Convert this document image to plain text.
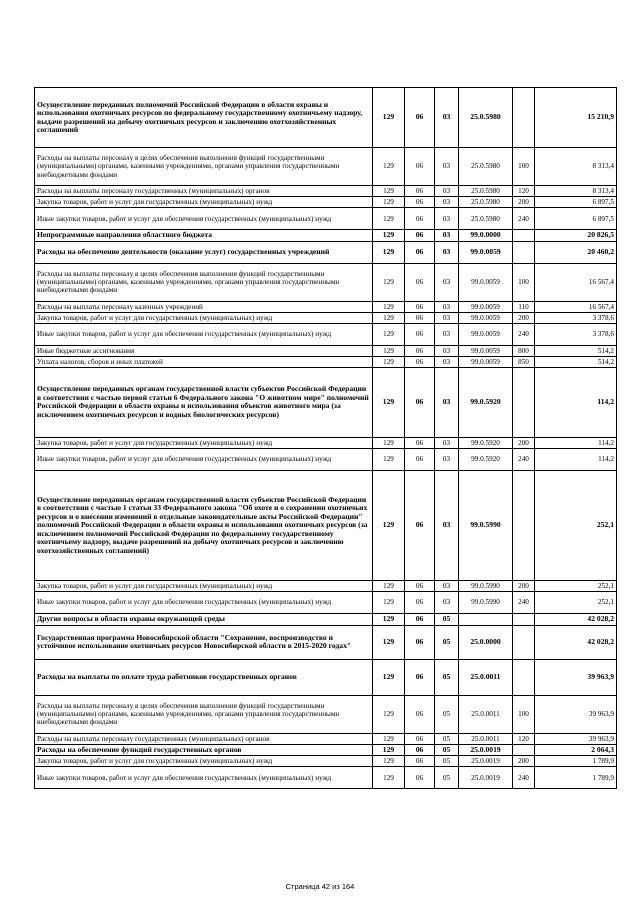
Осуществление переданных полномочий Российской Федерации в области охраны и использования охотничьих ресурсов по федеральному государственному охотничьему надзору, выдаче разрешений на добычу охотничьих ресурсов и заключению охотхозяйственных соглашений	129	06	03	25.0.5980		15 210,9
Расходы на выплаты персоналу в целях обеспечения выполнения функций государственными (муниципальными) органами, казенными учреждениями, органами управления государственными внебюджетными фондами	129	06	03	25.0.5980	100	8 313,4
Расходы на выплаты персоналу государственных (муниципальных) органов	129	06	03	25.0.5980	120	8 313,4
Закупка товаров, работ и услуг для государственных (муниципальных) нужд	129	06	03	25.0.5980	200	6 897,5
Иные закупки товаров, работ и услуг для обеспечения государственных (муниципальных) нужд	129	06	03	25.0.5980	240	6 897,5
Непрограммные направления областного бюджета	129	06	03	99.0.0000		20 826,5
Расходы на обеспечение деятельности (оказание услуг) государственных учреждений	129	06	03	99.0.0059		20 460,2
Расходы на выплаты персоналу в целях обеспечения выполнения функций государственными (муниципальными) органами, казенными учреждениями, органами управления государственными внебюджетными фондами	129	06	03	99.0.0059	100	16 567,4
Расходы на выплаты персоналу казенных учреждений	129	06	03	99.0.0059	110	16 567,4
Закупка товаров, работ и услуг для государственных (муниципальных) нужд	129	06	03	99.0.0059	200	3 378,6
Иные закупки товаров, работ и услуг для обеспечения государственных (муниципальных) нужд	129	06	03	99.0.0059	240	3 378,6
Иные бюджетные ассигнования	129	06	03	99.0.0059	800	514,2
Уплата налогов, сборов и иных платежей	129	06	03	99.0.0059	850	514,2
Осуществление переданных органам государственной власти субъектов Российской Федерации в соответствии с частью первой статьи 6 Федерального закона "О животном мире" полномочий Российской Федерации в области охраны и использования объектов животного мира (за исключением охотничьих ресурсов и водных биологических ресурсов)	129	06	03	99.0.5920		114,2
Закупка товаров, работ и услуг для государственных (муниципальных) нужд	129	06	03	99.0.5920	200	114,2
Иные закупки товаров, работ и услуг для обеспечения государственных (муниципальных) нужд	129	06	03	99.0.5920	240	114,2
Осуществление переданных органам государственной власти субъектов Российской Федерации в соответствии с частью 1 статьи 33 Федерального закона "Об охоте и о сохранении охотничьих ресурсов и о внесении изменений в отдельные законодательные акты Российской Федерации" полномочий Российской Федерации в области охраны и использования охотничьих ресурсов (за исключением полномочий Российской Федерации по федеральному государственному охотничьему надзору, выдаче разрешений на добычу охотничьих ресурсов и заключению охотхозяйственных соглашений)	129	06	03	99.0.5990		252,1
Закупка товаров, работ и услуг для государственных (муниципальных) нужд	129	06	03	99.0.5990	200	252,1
Иные закупки товаров, работ и услуг для обеспечения государственных (муниципальных) нужд	129	06	03	99.0.5990	240	252,1
Другие вопросы в области охраны окружающей среды	129	06	05			42 028,2
Государственная программа Новосибирской области "Сохранение, воспроизводство и устойчивое использование охотничьих ресурсов Новосибирской области в 2015-2020 годах"	129	06	05	25.0.0000		42 028,2
Расходы на выплаты по оплате труда работников государственных органов	129	06	05	25.0.0011		39 963,9
Расходы на выплаты персоналу в целях обеспечения выполнения функций государственными (муниципальными) органами, казенными учреждениями, органами управления государственными внебюджетными фондами	129	06	05	25.0.0011	100	39 963,9
Расходы на выплаты персоналу государственных (муниципальных) органов	129	06	05	25.0.0011	120	39 963,9
Расходы на обеспечение функций государственных органов	129	06	05	25.0.0019		2 064,3
Закупка товаров, работ и услуг для государственных (муниципальных) нужд	129	06	05	25.0.0019	200	1 789,9
Иные закупки товаров, работ и услуг для обеспечения государственных (муниципальных) нужд	129	06	05	25.0.0019	240	1 789,9
Страница 42 из 164
